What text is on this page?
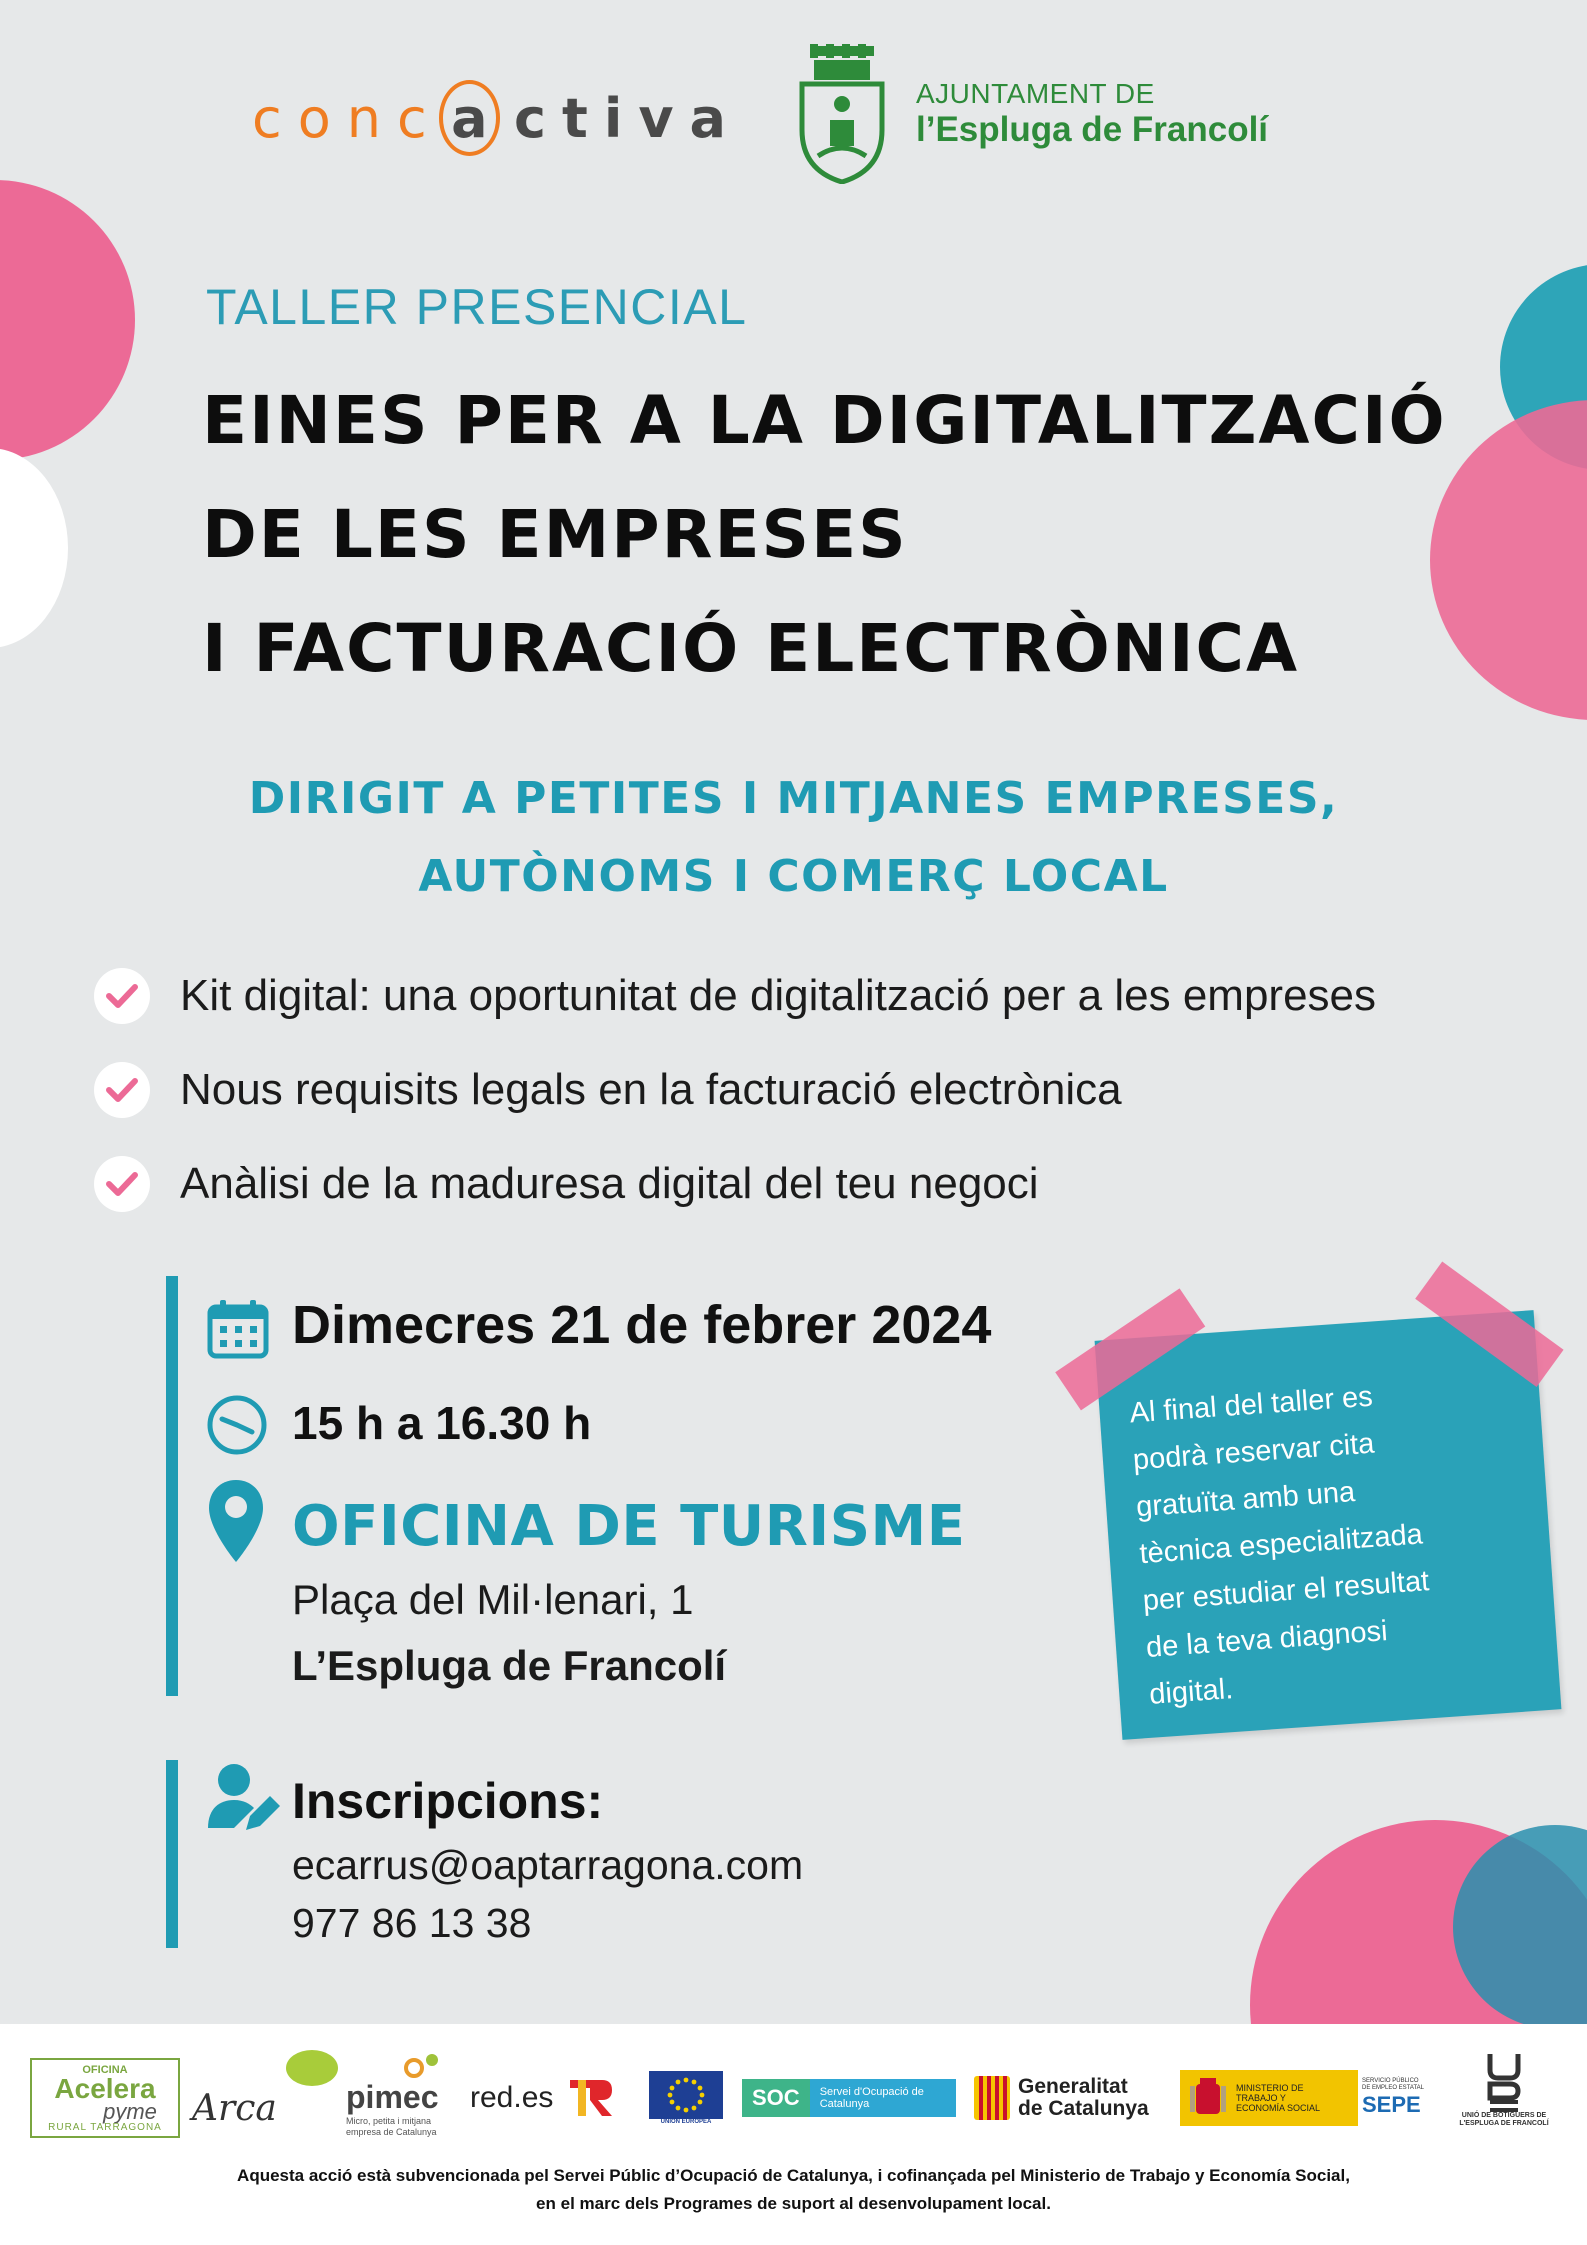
conc a ctiva	AJUNTAMENT DE
l’Espluga de Francolí
TALLER PRESENCIAL
EINES PER A LA DIGITALITZACIÓ
DE LES EMPRESES
I FACTURACIÓ ELECTRÒNICA
DIRIGIT A PETITES I MITJANES EMPRESES,
AUTÒNOMS I COMERÇ LOCAL
Kit digital: una oportunitat de digitalització per a les empreses
Nous requisits legals en la facturació electrònica
Anàlisi de la maduresa digital del teu negoci
Dimecres 21 de febrer 2024
15 h a 16.30 h
OFICINA DE TURISME
Plaça del Mil·lenari, 1
L’Espluga de Francolí
Inscripcions:
ecarrus@oaptarragona.com
977 86 13 38
Al final del taller es
podrà reservar cita
gratuïta amb una
tècnica especialitzada
per estudiar el resultat
de la teva diagnosi
digital.
OFICINA
Acelera
pyme
RURAL TARRAGONA Arca pimec
Micro, petita i mitjana empresa de Catalunya
red.es
UNIÓN EUROPEA
SOC	Servei d'Ocupació de Catalunya
Generalitat
de Catalunya
MINISTERIO DE TRABAJO Y ECONOMÍA SOCIAL
SERVICIO PÚBLICO DE EMPLEO ESTATAL
SEPE	UNIÓ DE BOTIGUERS DE L'ESPLUGA DE FRANCOLÍ
Aquesta acció està subvencionada pel Servei Públic d’Ocupació de Catalunya, i cofinançada pel Ministerio de Trabajo y Economía Social,
en el marc dels Programes de suport al desenvolupament local.
